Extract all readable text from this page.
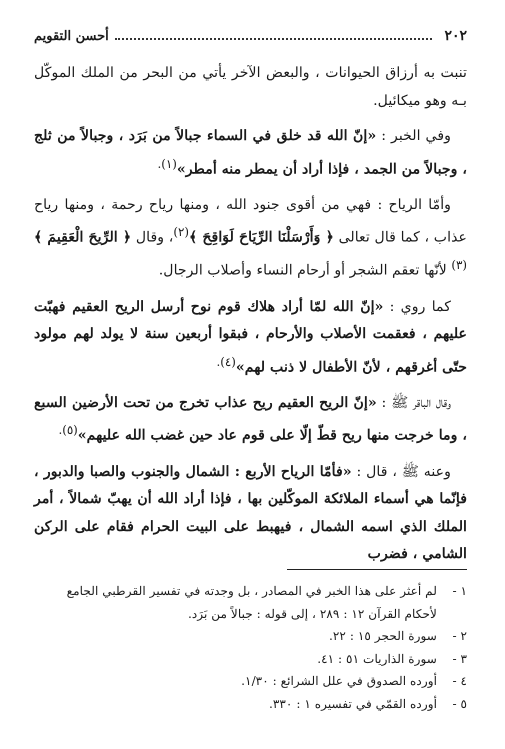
٢٠٢
أحسن التقويم

تنبت به أرزاق الحيوانات ، والبعض الآخر يأتي من البحر من الملك الموكّل بـه وهو ميكائيل.

وفي الخبر : «إنّ الله قد خلق في السماء جبالاً من بَرَد ، وجبالاً من ثلج ، وجبالاً من الجمد ، فإذا أراد أن يمطر منه أمطر»$^{(١).}$

وأمّا الرياح : فهي من أقوى جنود الله ، ومنها رياح رحمة ، ومنها رياح عذاب ، كما قال تعالى ﴿ وَأَرْسَلْنَا الرِّيَاحَ لَوَاقِحَ ﴾$^{(٢)}$، وقال ﴿ الرِّيحَ الْعَقِيمَ ﴾$^{(٣)}$ لأنّها تعقم الشجر أو أرحام النساء وأصلاب الرجال.

كما روي : «إنّ الله لمّا أراد هلاك قوم نوح أرسل الريح العقيم فهبّت عليهم ، فعقمت الأصلاب والأرحام ، فبقوا أربعين سنة لا يولد لهم مولود حتّى أغرقهم ، لأنّ الأطفال لا ذنب لهم»$^{(٤).}$

وقال الباقر ﷺ : «إنّ الريح العقيم ريح عذاب تخرج من تحت الأرضين السبع ، وما خرجت منها ريح قطّ إلّا على قوم عاد حين غضب الله عليهم»$^{(٥).}$

وعنه ﷺ ، قال : «فأمّا الرياح الأربع : الشمال والجنوب والصبا والدبور ، فإنّما هي أسماء الملائكة الموكّلين بها ، فإذا أراد الله أن يهبّ شمالاً ، أمر الملك الذي اسمه الشمال ، فيهبط على البيت الحرام فقام على الركن الشامي ، فضرب

١ -
لم أعثر على هذا الخبر في المصادر ، بل وجدته في تفسير القرطبي الجامع لأحكام القرآن ١٢ : ٢٨٩ ، إلى قوله : جبالاً من بَرَد.
٢ -
سورة الحجر ١٥ : ٢٢.
٣ -
سورة الذاريات ٥١ : ٤١.
٤ -
أورده الصدوق في علل الشرائع : ١/٣٠.
٥ -
أورده القمّي في تفسيره ١ : ٣٣٠.
